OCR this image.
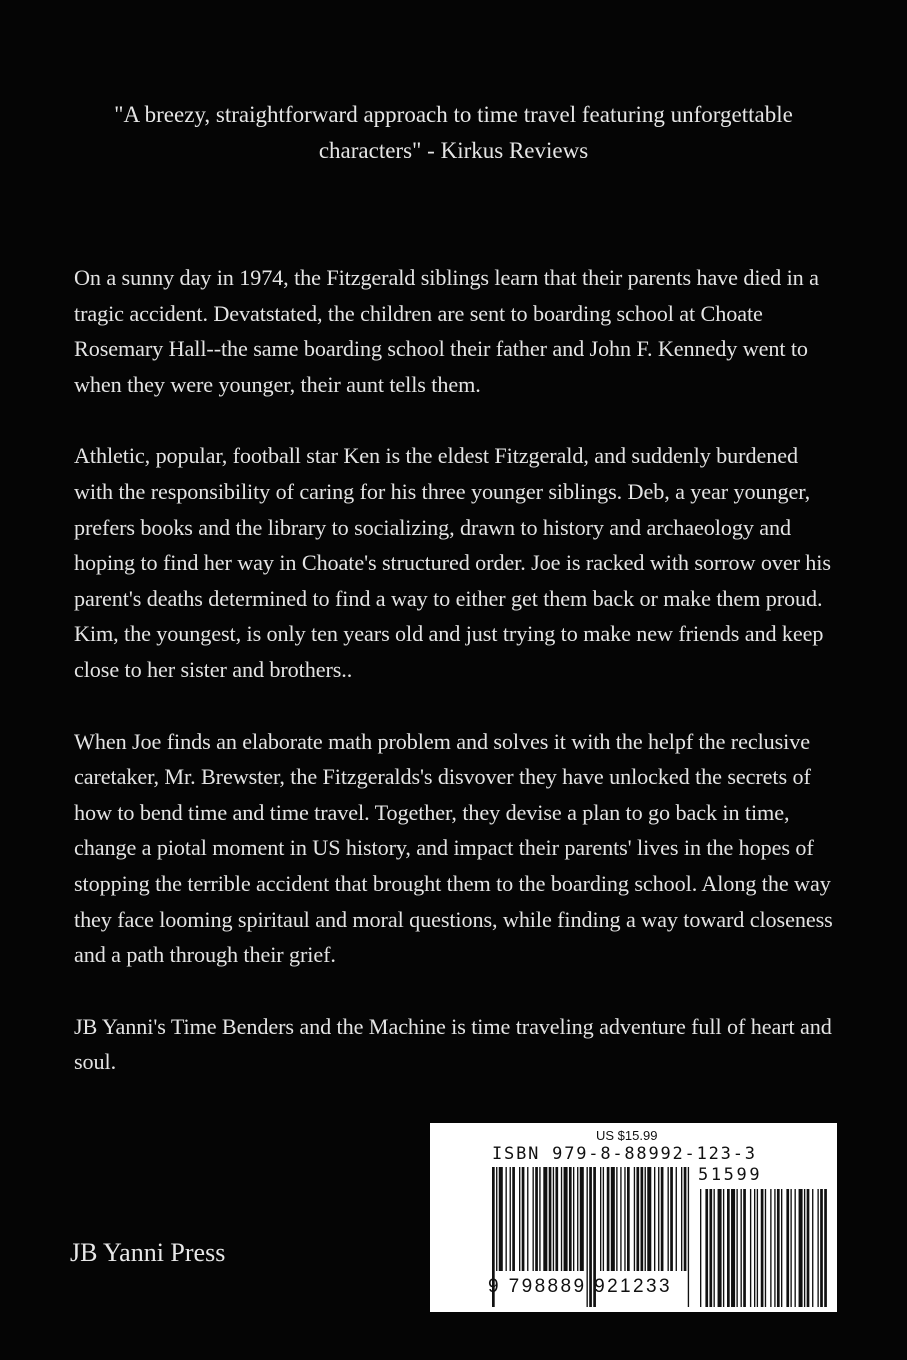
"A breezy, straightforward approach to time travel featuring unforgettable characters" - Kirkus Reviews

On a sunny day in 1974, the Fitzgerald siblings learn that their parents have died in a tragic accident. Devatstated, the children are sent to boarding school at Choate Rosemary Hall--the same boarding school their father and John F. Kennedy went to when they were younger, their aunt tells them.

Athletic, popular, football star Ken is the eldest Fitzgerald, and suddenly burdened with the responsibility of caring for his three younger siblings. Deb, a year younger, prefers books and the library to socializing, drawn to history and archaeology and hoping to find her way in Choate's structured order. Joe is racked with sorrow over his parent's deaths determined to find a way to either get them back or make them proud. Kim, the youngest, is only ten years old and just trying to make new friends and keep close to her sister and brothers..

When Joe finds an elaborate math problem and solves it with the helpf the reclusive caretaker, Mr. Brewster, the Fitzgeralds's disvover they have unlocked the secrets of how to bend time and time travel. Together, they devise a plan to go back in time, change a piotal moment in US history, and impact their parents' lives in the hopes of stopping the terrible accident that brought them to the boarding school. Along the way they face looming spiritaul and moral questions, while finding a way toward closeness and a path through their grief.

JB Yanni's Time Benders and the Machine is time traveling adventure full of heart and soul.

JB Yanni Press
US $15.99
ISBN 979-8-88992-123-3
51599
9 798889 921233
